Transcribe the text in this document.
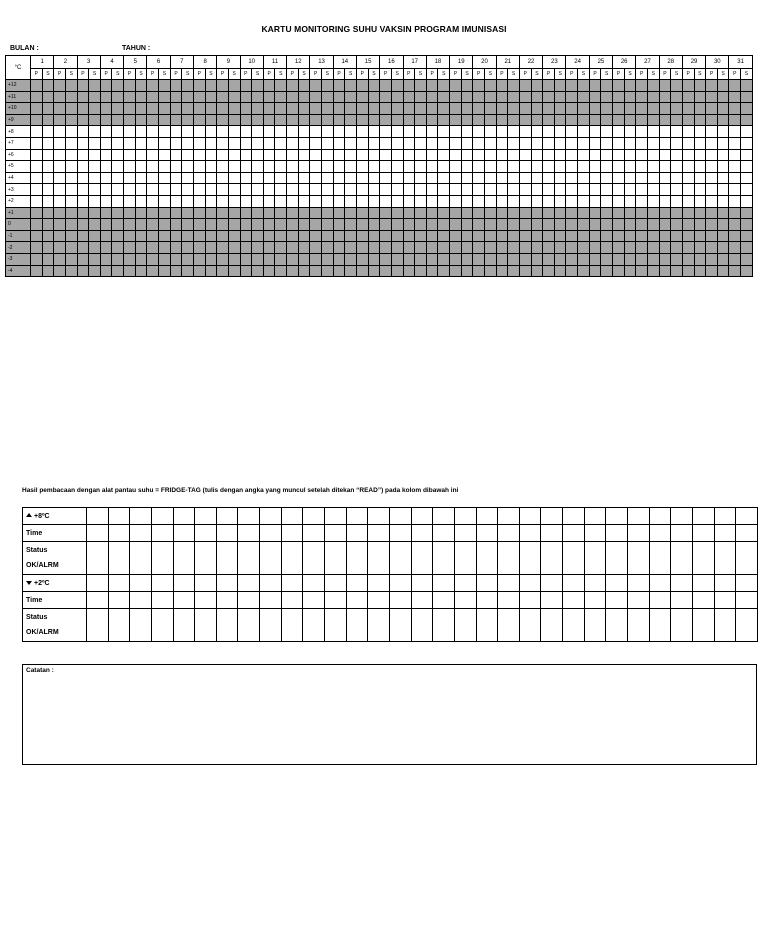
KARTU MONITORING SUHU VAKSIN PROGRAM IMUNISASI
BULAN :	TAHUN :
°C	1		2		3		4		5		6		7		8		9		10		11		12		13		14		15		16		17		18		19		20		21		22		23		24		25		26		27		28		29		30		31	
	P	S	P	S	P	S	P	S	P	S	P	S	P	S	P	S	P	S	P	S	P	S	P	S	P	S	P	S	P	S	P	S	P	S	P	S	P	S	P	S	P	S	P	S	P	S	P	S	P	S	P	S	P	S	P	S	P	S	P	S	P	S
+12																																																														
+11																																																														
+10																																																														
+9																																																														
+8																																																														
+7																																																														
+6																																																														
+5																																																														
+4																																																														
+3																																																														
+2																																																														
+1																																																														
0																																																														
-1																																																														
-2																																																														
-3																																																														
-4																																																														
Hasil pembacaan dengan alat pantau suhu = FRIDGE-TAG (tulis dengan angka yang muncul setelah ditekan “READ”) pada kolom dibawah ini
+8ºC																															
Time																															
Status
OK/ALRM																															
+2ºC																															
Time																															
Status
OK/ALRM																															
Catatan :
